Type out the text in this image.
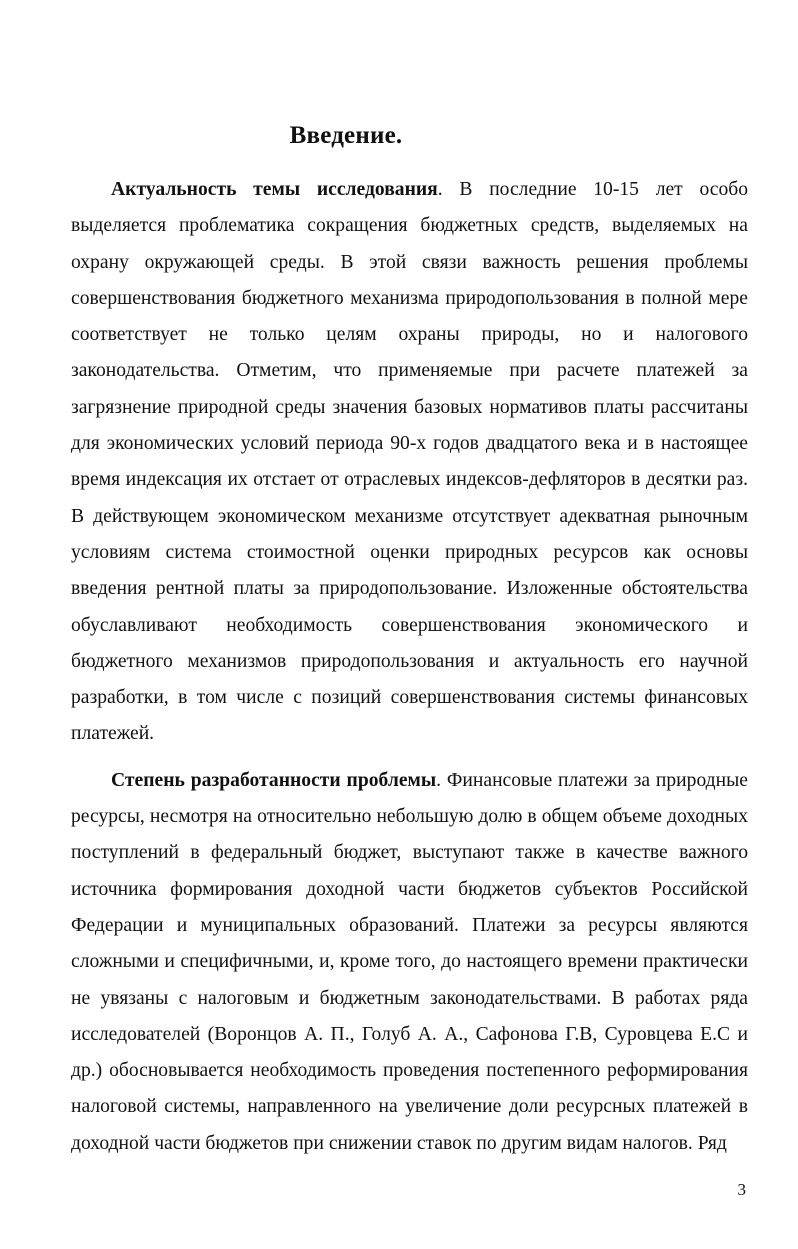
Введение.

Актуальность темы исследования. В последние 10-15 лет особо выделяется проблематика сокращения бюджетных средств, выделяемых на охрану окружающей среды. В этой связи важность решения проблемы совершенствования бюджетного механизма природопользования в полной мере соответствует не только целям охраны природы, но и налогового законодательства. Отметим, что применяемые при расчете платежей за загрязнение природной среды значения базовых нормативов платы рассчитаны для экономических условий периода 90-х годов двадцатого века и в настоящее время индексация их отстает от отраслевых индексов-дефляторов в десятки раз. В действующем экономическом механизме отсутствует адекватная рыночным условиям система стоимостной оценки природных ресурсов как основы введения рентной платы за природопользование. Изложенные обстоятельства обуславливают необходимость совершенствования экономического и бюджетного механизмов природопользования и актуальность его научной разработки, в том числе с позиций совершенствования системы финансовых платежей.

Степень разработанности проблемы. Финансовые платежи за природные ресурсы, несмотря на относительно небольшую долю в общем объеме доходных поступлений в федеральный бюджет, выступают также в качестве важного источника формирования доходной части бюджетов субъектов Российской Федерации и муниципальных образований. Платежи за ресурсы являются сложными и специфичными, и, кроме того, до настоящего времени практически не увязаны с налоговым и бюджетным законодательствами. В работах ряда исследователей (Воронцов А. П., Голуб А. А., Сафонова Г.В, Суровцева Е.С и др.) обосновывается необходимость проведения постепенного реформирования налоговой системы, направленного на увеличение доли ресурсных платежей в доходной части бюджетов при снижении ставок по другим видам налогов. Ряд

3
